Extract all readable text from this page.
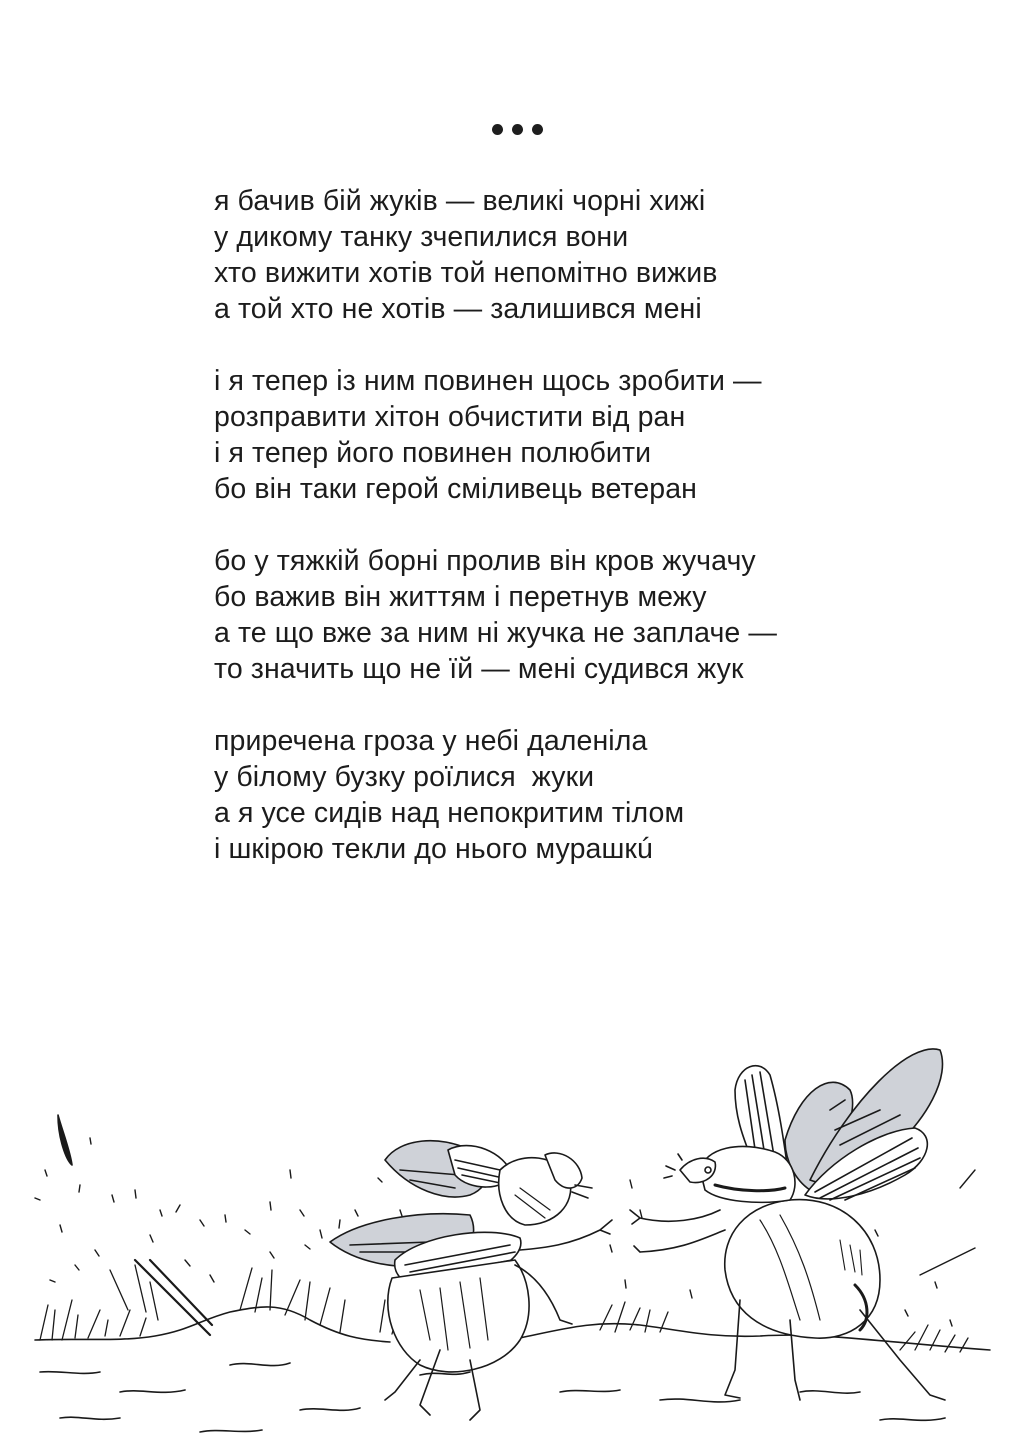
я бачив бій жуків — великі чорні хижі
у дикому танку зчепилися вони
хто вижити хотів той непомітно вижив
а той хто не хотів — залишився мені
і я тепер із ним повинен щось зробити —
розправити хітон обчистити від ран
і я тепер його повинен полюбити
бо він таки герой сміливець ветеран
бо у тяжкій борні пролив він кров жучачу
бо важив він життям і перетнув межу
а те що вже за ним ні жучка не заплаче —
то значить що не їй — мені судився жук
приречена гроза у небі даленіла
у білому бузку роїлися  жуки
а я усе сидів над непокритим тілом
і шкірою текли до нього мурашкú
